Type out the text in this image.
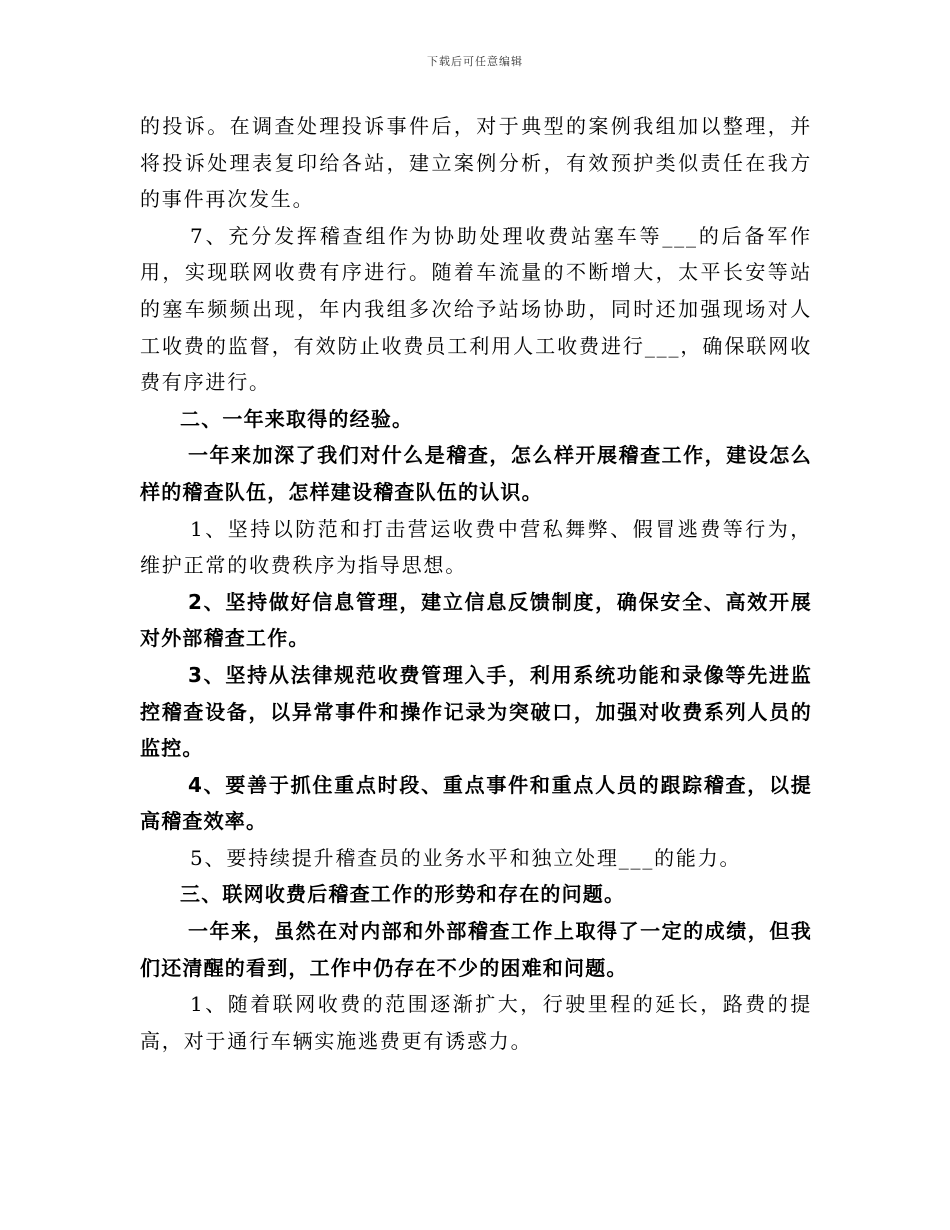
下载后可任意编辑

的投诉。在调查处理投诉事件后，对于典型的案例我组加以整理，并将投诉处理表复印给各站，建立案例分析，有效预护类似责任在我方的事件再次发生。

7、充分发挥稽查组作为协助处理收费站塞车等___的后备军作用，实现联网收费有序进行。随着车流量的不断增大，太平长安等站的塞车频频出现，年内我组多次给予站场协助，同时还加强现场对人工收费的监督，有效防止收费员工利用人工收费进行___，确保联网收费有序进行。

二、一年来取得的经验。

一年来加深了我们对什么是稽查，怎么样开展稽查工作，建设怎么样的稽查队伍，怎样建设稽查队伍的认识。

1、坚持以防范和打击营运收费中营私舞弊、假冒逃费等行为，维护正常的收费秩序为指导思想。

2、坚持做好信息管理，建立信息反馈制度，确保安全、高效开展对外部稽查工作。

3、坚持从法律规范收费管理入手，利用系统功能和录像等先进监控稽查设备，以异常事件和操作记录为突破口，加强对收费系列人员的监控。

4、要善于抓住重点时段、重点事件和重点人员的跟踪稽查，以提高稽查效率。

5、要持续提升稽查员的业务水平和独立处理___的能力。

三、联网收费后稽查工作的形势和存在的问题。

一年来，虽然在对内部和外部稽查工作上取得了一定的成绩，但我们还清醒的看到，工作中仍存在不少的困难和问题。

1、随着联网收费的范围逐渐扩大，行驶里程的延长，路费的提高，对于通行车辆实施逃费更有诱惑力。
